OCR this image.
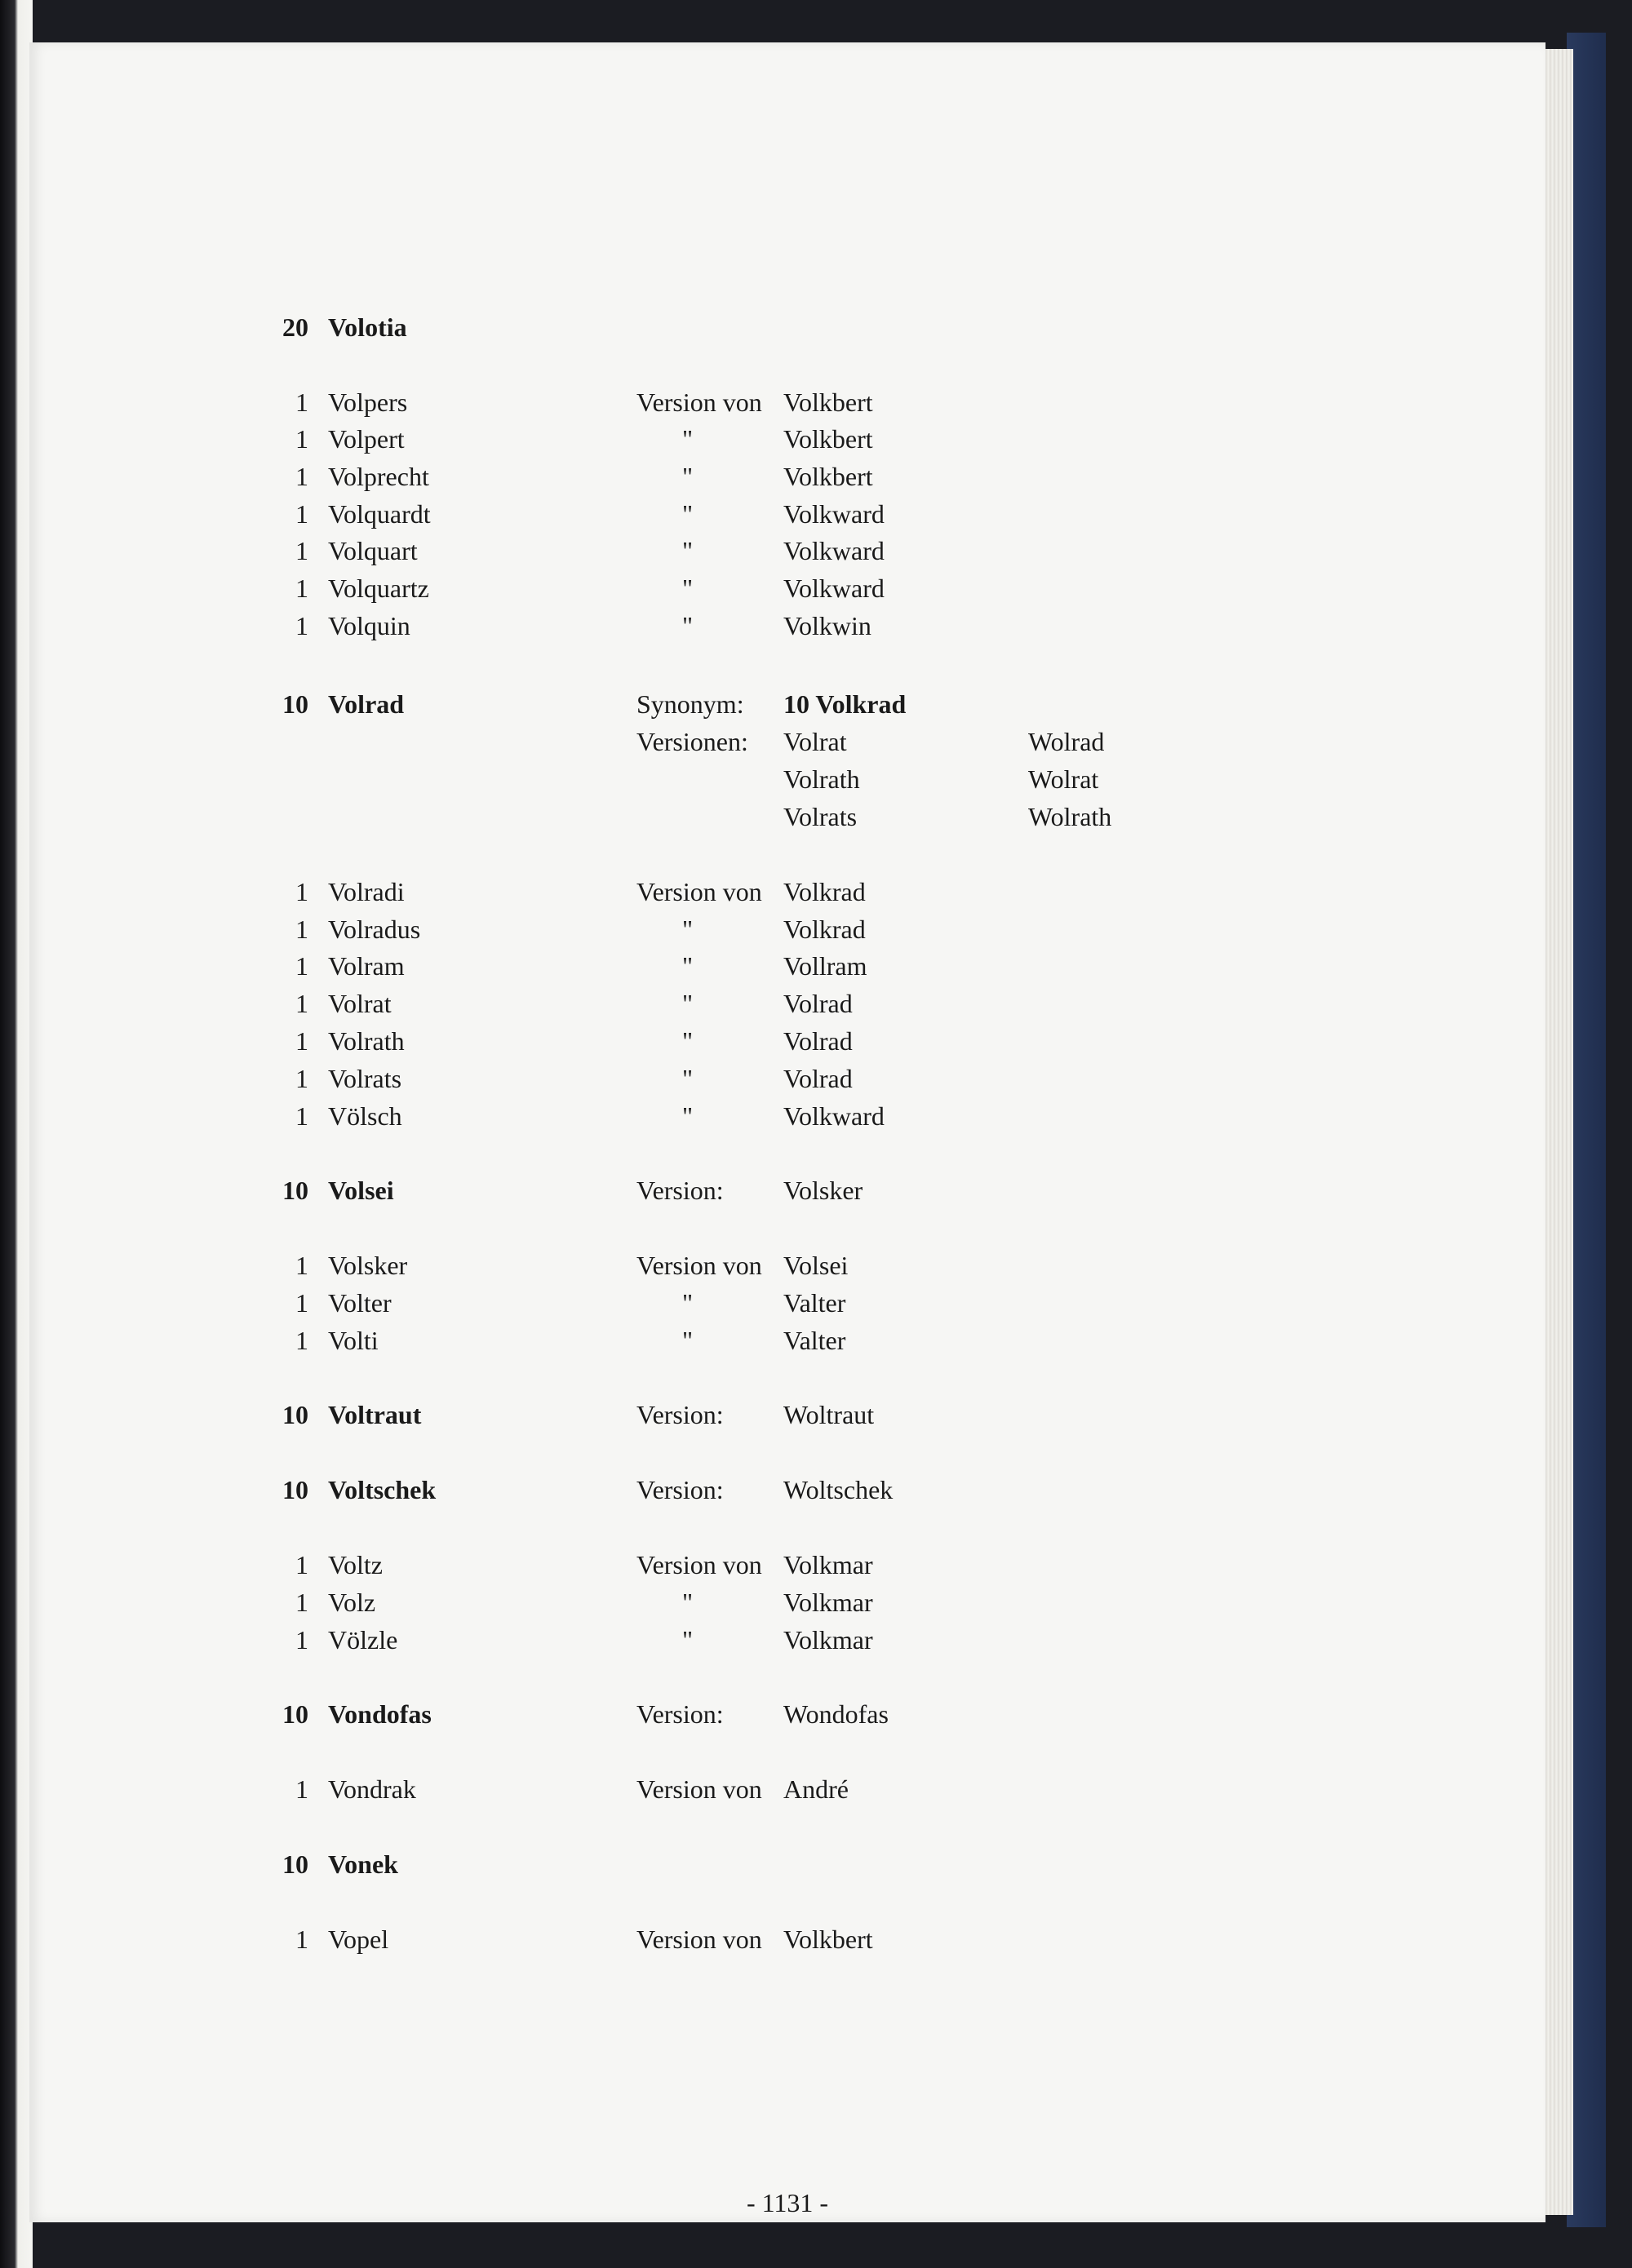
20 Volotia
1 Volpers	Version von Volkbert
1 Volpert	"	Volkbert
1 Volprecht	"	Volkbert
1 Volquardt	"	Volkward
1 Volquart	"	Volkward
1 Volquartz	"	Volkward
1 Volquin	"	Volkwin
10 Volrad	Synonym: 10 Volkrad
Versionen: Volrat	Wolrad
Volrath	Wolrat
Volrats	Wolrath
1 Volradi	Version von Volkrad
1 Volradus	"	Volkrad
1 Volram	"	Vollram
1 Volrat	"	Volrad
1 Volrath	"	Volrad
1 Volrats	"	Volrad
1 Völsch	"	Volkward
10 Volsei	Version: Volsker
1 Volsker	Version von Volsei
1 Volter	"	Valter
1 Volti	"	Valter
10 Voltraut	Version: Woltraut
10 Voltschek	Version: Woltschek
1 Voltz	Version von Volkmar
1 Volz	"	Volkmar
1 Völzle	"	Volkmar
10 Vondofas	Version: Wondofas
1 Vondrak	Version von André
10 Vonek
1 Vopel	Version von Volkbert
- 1131 -
